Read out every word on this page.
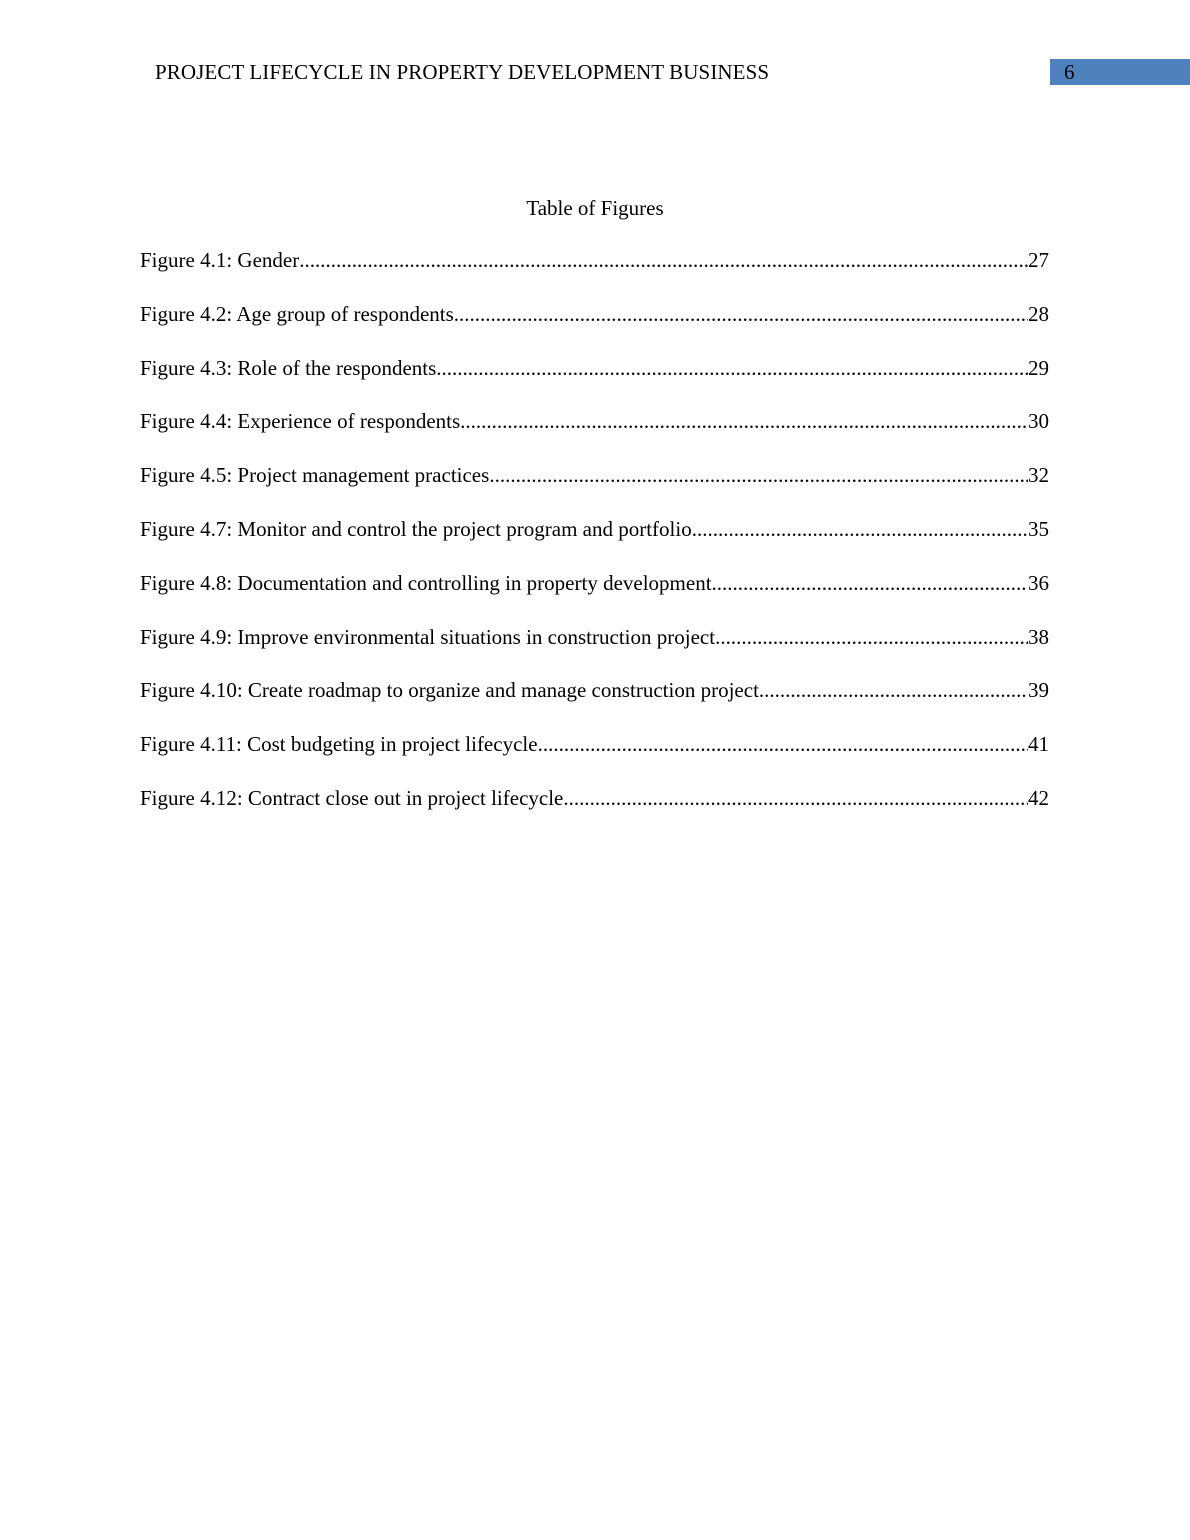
PROJECT LIFECYCLE IN PROPERTY DEVELOPMENT BUSINESS	6
Table of Figures
Figure 4.1: Gender .....	27
Figure 4.2: Age group of respondents .....	28
Figure 4.3: Role of the respondents .....	29
Figure 4.4: Experience of respondents .....	30
Figure 4.5: Project management practices .....	32
Figure 4.7: Monitor and control the project program and portfolio .....	35
Figure 4.8: Documentation and controlling in property development .....	36
Figure 4.9: Improve environmental situations in construction project .....	38
Figure 4.10: Create roadmap to organize and manage construction project .....	39
Figure 4.11: Cost budgeting in project lifecycle .....	41
Figure 4.12: Contract close out in project lifecycle .....	42
